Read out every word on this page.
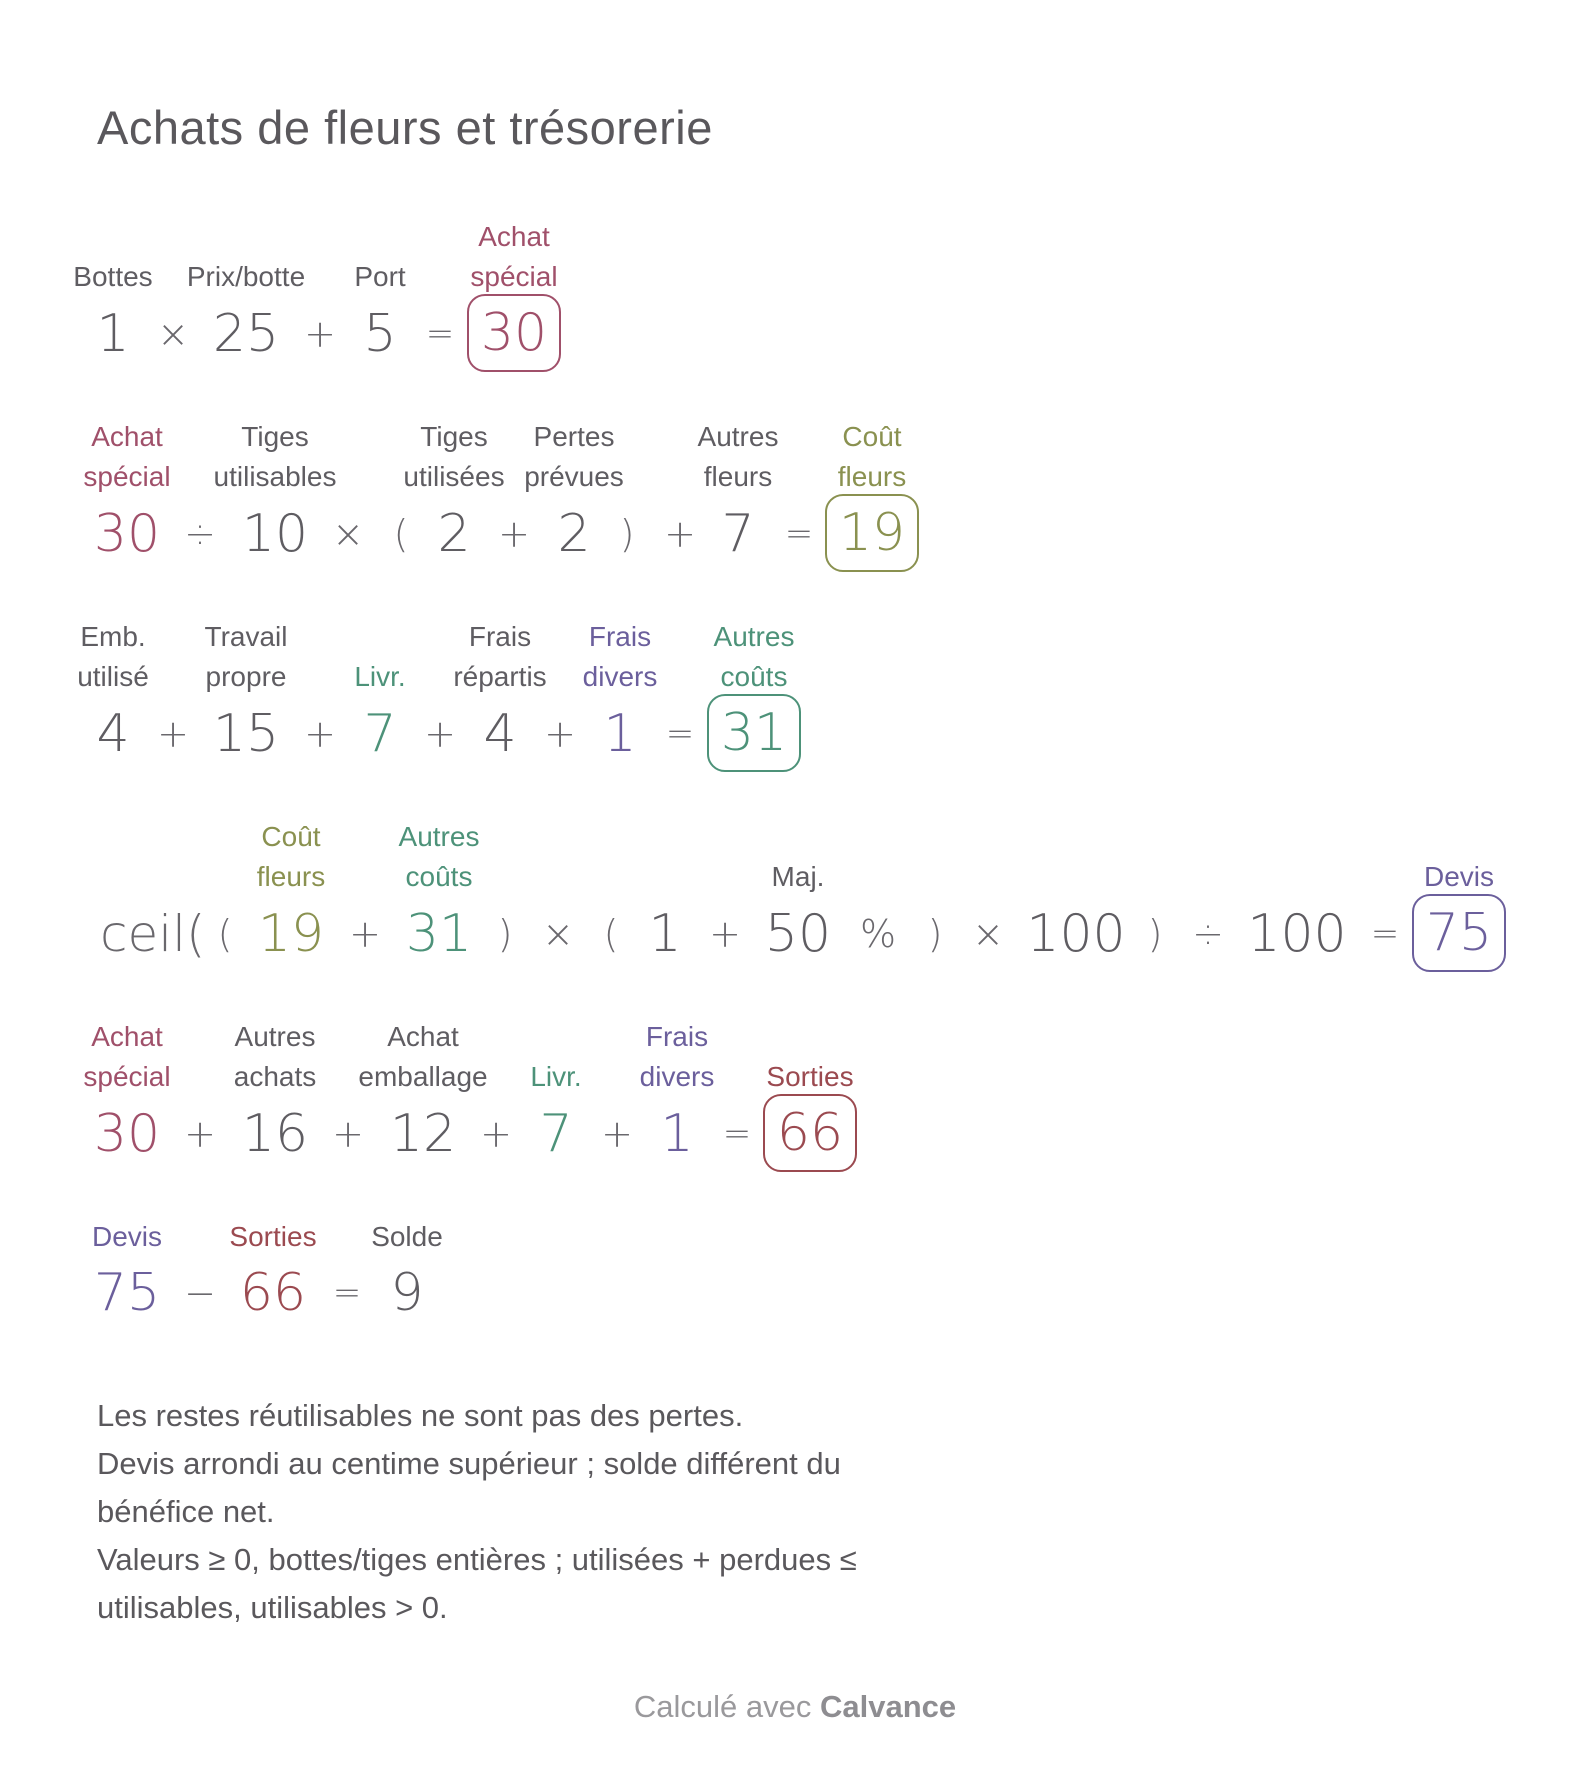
Achats de fleurs et trésorerie
Bottes Prix/botte Port
Achat
spécial
1 × 25 + 5 = 30
Achat
spécial
Tiges
utilisables
Tiges
utilisées
Pertes
prévues
Autres
fleurs
Coût
fleurs
30 ÷ 10 × ( 2 + 2 ) + 7 = 19
Emb.
utilisé
Travail
propre Livr.
Frais
répartis
Frais
divers
Autres
coûts
4 + 15 + 7 + 4 + 1 = 31
Coût
fleurs
Autres
coûts	Maj.	Devis
ceil( ( 19 + 31 ) × ( 1 + 50 % ) × 100 ) ÷ 100 = 75
Achat
spécial
Autres
achats
Achat
emballage Livr.
Frais
divers Sorties
30 + 16 + 12 + 7 + 1 = 66
Devis Sorties Solde
75 − 66 = 9
Les restes réutilisables ne sont pas des pertes.
Devis arrondi au centime supérieur ; solde différent du
bénéfice net.
Valeurs ≥ 0, bottes/tiges entières ; utilisées + perdues ≤
utilisables, utilisables > 0.
Calculé avec Calvance
